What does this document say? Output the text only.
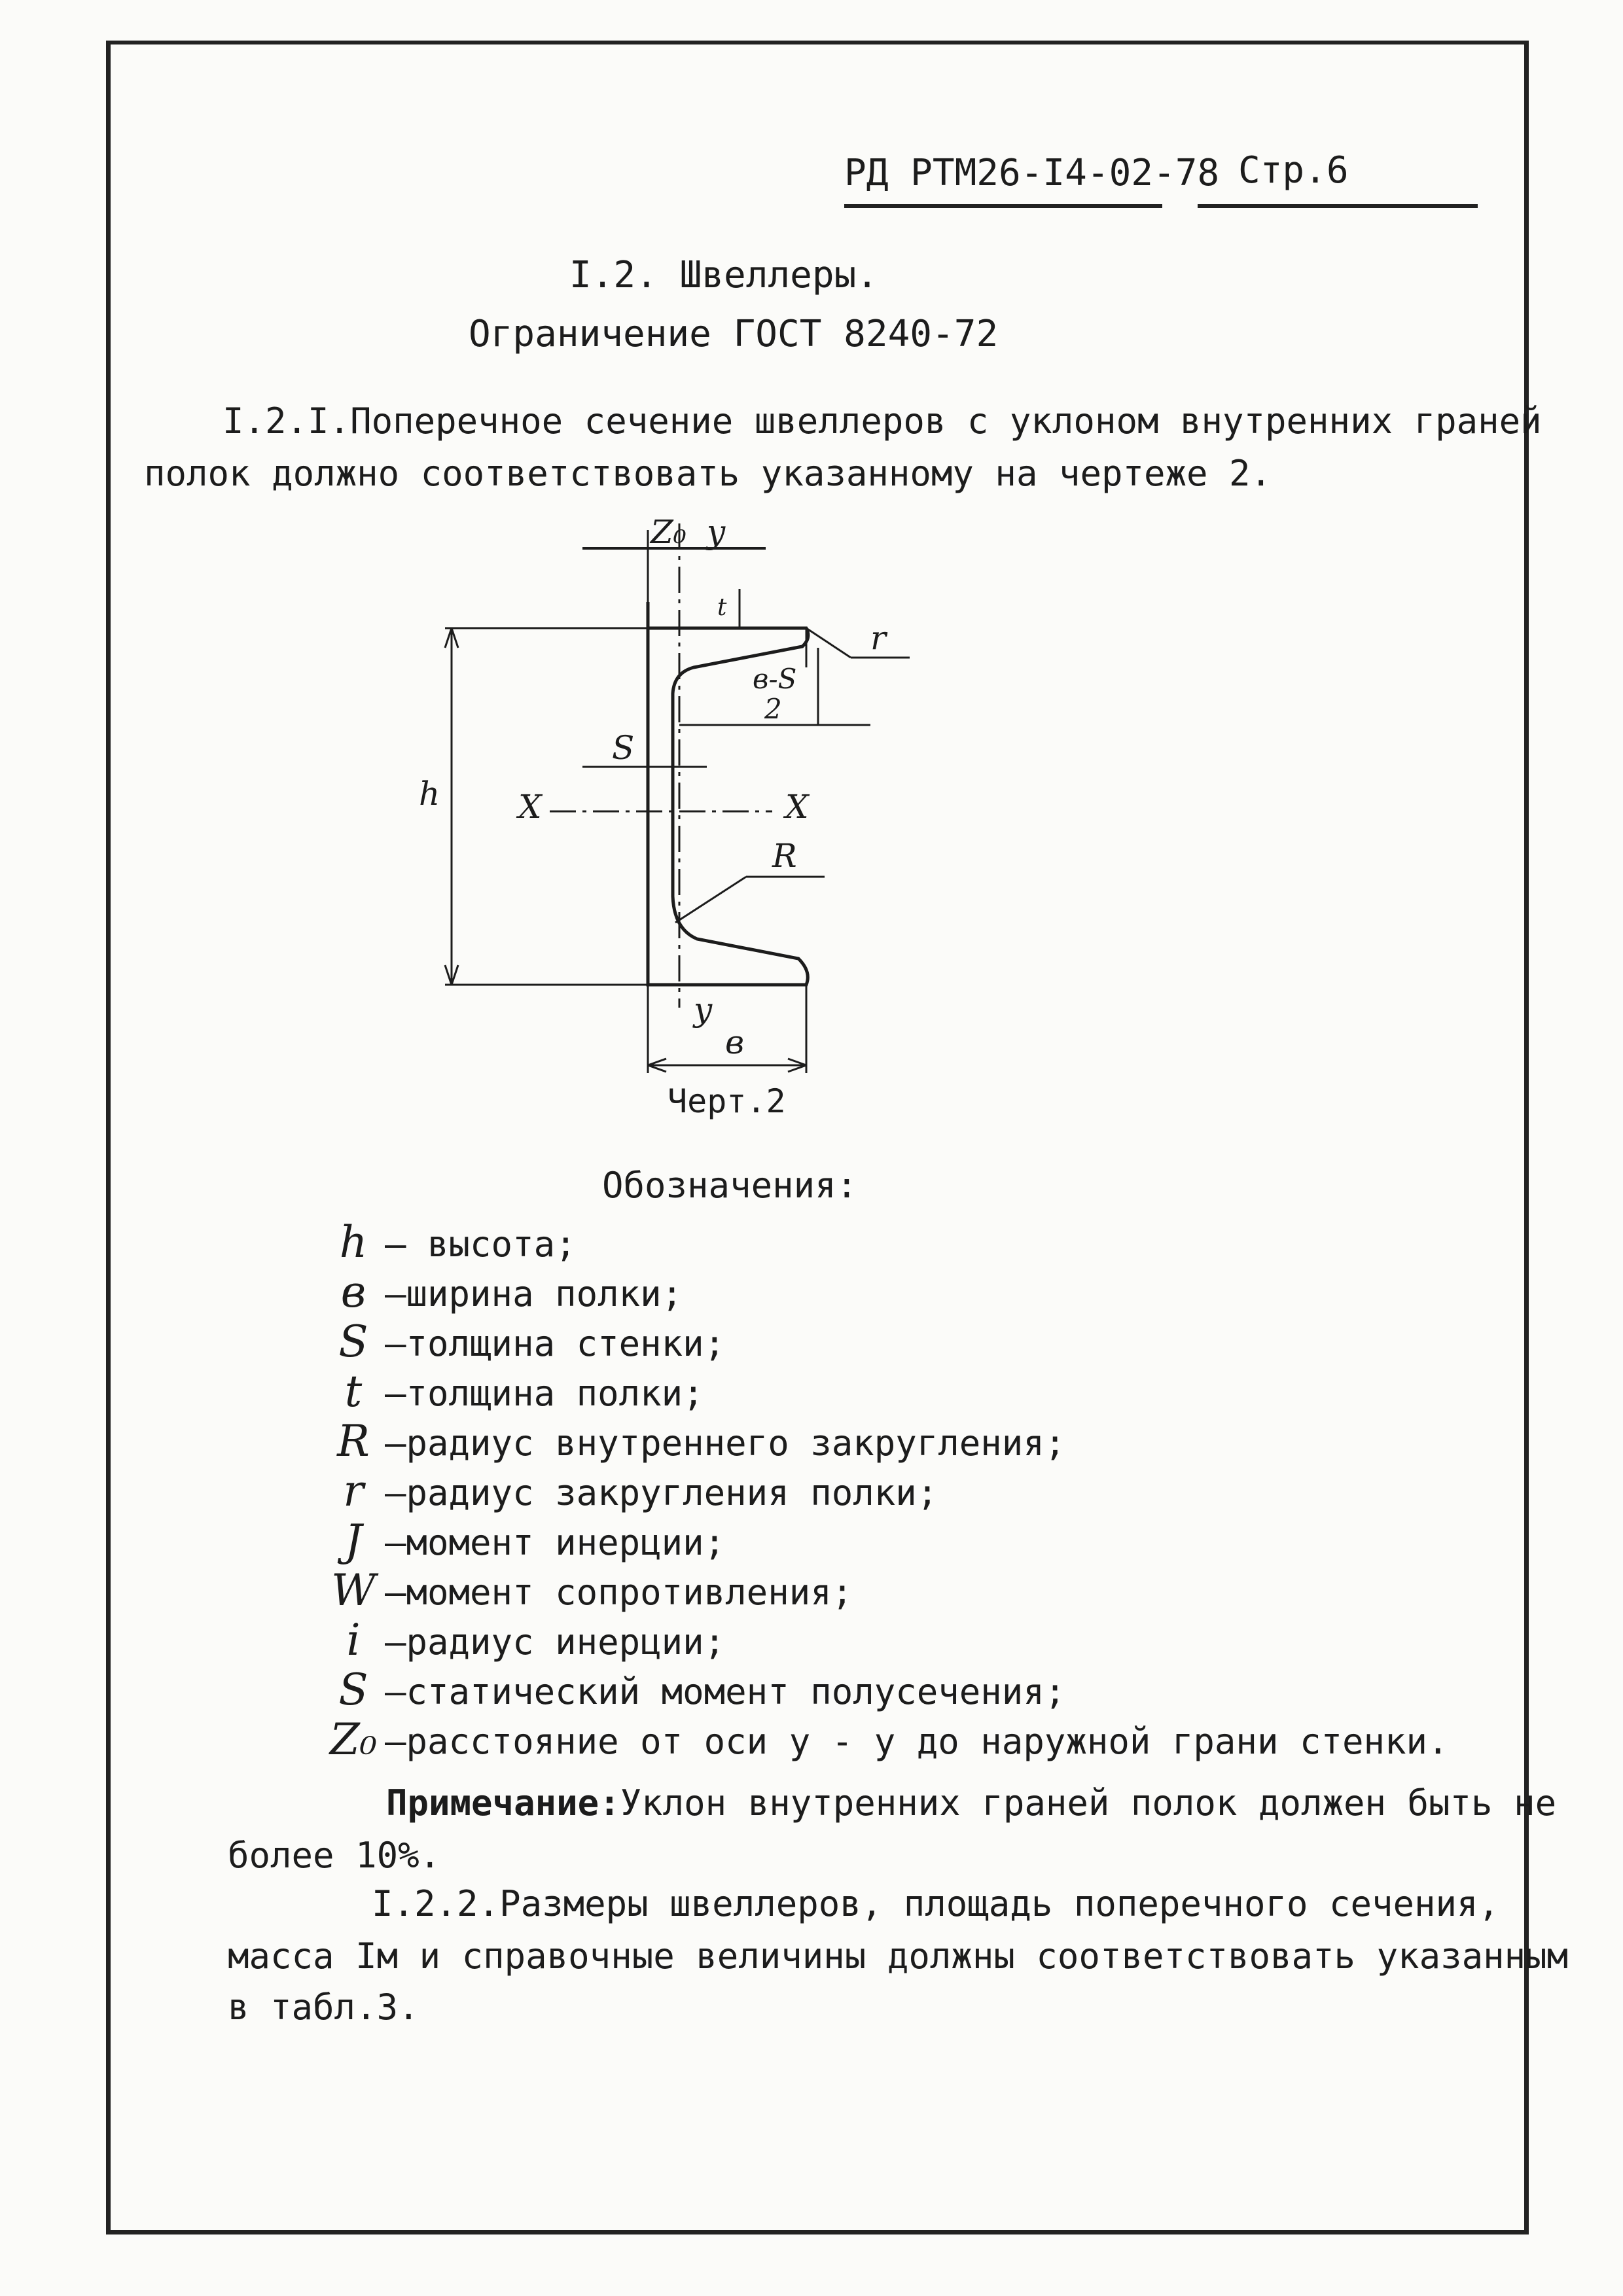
РД РТМ26-I4-02-78 Стр.6
I.2. Швеллеры.
Ограничение ГОСТ 8240-72
I.2.I.Поперечное сечение швеллеров с уклоном внутренних граней
полок должно соответствовать указанному на чертеже 2.
Z₀ y
t
r
в-S
2
S
X	X
h
R
y
в
Черт.2
Обозначения:
h – высота;
в –ширина полки;
S –толщина стенки;
t –толщина полки;
R –радиус внутреннего закругления;
r –радиус закругления полки;
J –момент инерции;
W –момент сопротивления;
i –радиус инерции;
S –статический момент полусечения;
Z₀ –расстояние от оси y - y до наружной грани стенки.
Примечание:Уклон внутренних граней полок должен быть не
более 10%.
I.2.2.Размеры швеллеров, площадь поперечного сечения,
масса Iм и справочные величины должны соответствовать указанным
в табл.3.
